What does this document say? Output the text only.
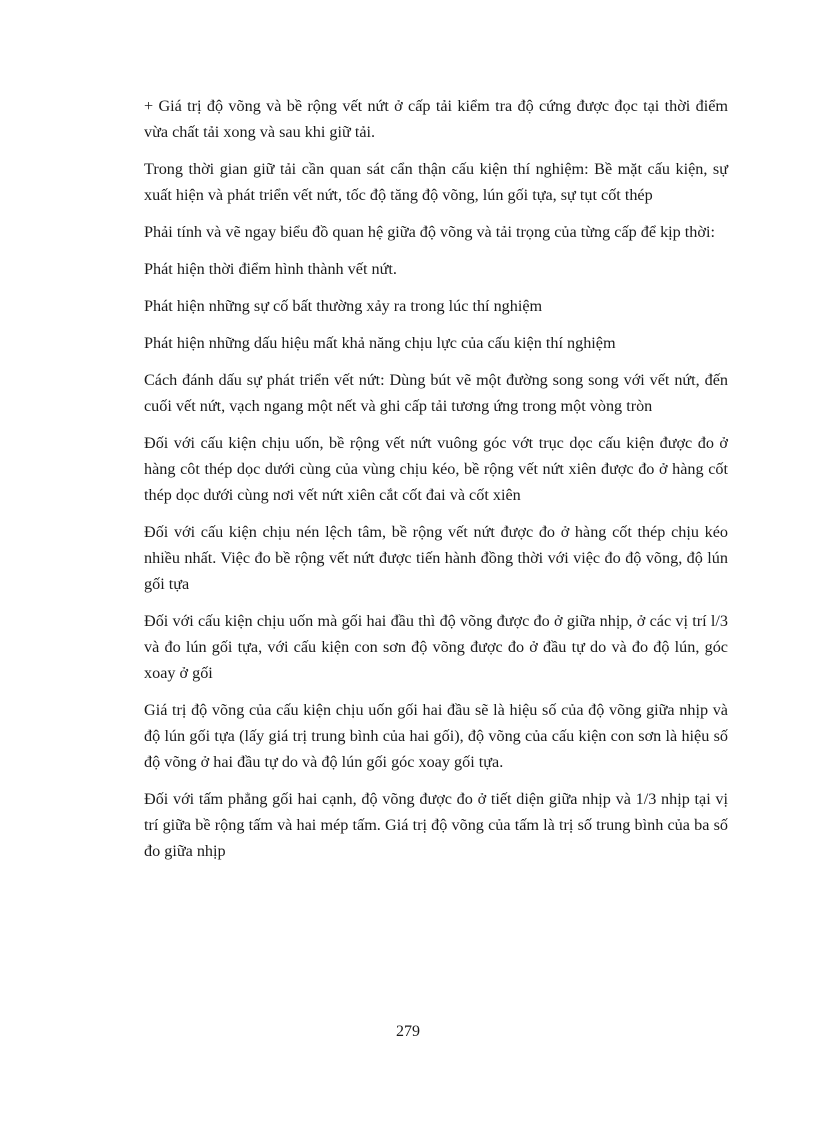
+ Giá trị độ võng và bề rộng vết nứt ở cấp tải kiểm tra độ cứng được đọc tại thời điểm vừa chất tải xong và sau khi giữ tải.

Trong thời gian giữ tải cần quan sát cẩn thận cấu kiện thí nghiệm: Bề mặt cấu kiện, sự xuất hiện và phát triển vết nứt, tốc độ tăng độ võng, lún gối tựa, sự tụt cốt thép

Phải tính và vẽ ngay biểu đồ quan hệ giữa độ võng và tải trọng của từng cấp để kịp thời:

Phát hiện thời điểm hình thành vết nứt.

Phát hiện những sự cố bất thường xảy ra trong lúc thí nghiệm

Phát hiện những dấu hiệu mất khả năng chịu lực của cấu kiện thí nghiệm

Cách đánh dấu sự phát triển vết nứt: Dùng bút vẽ một đường song song với vết nứt, đến cuối vết nứt, vạch ngang một nết và ghi cấp tải tương ứng trong một vòng tròn

Đối với cấu kiện chịu uốn, bề rộng vết nứt vuông góc vớt trục dọc cấu kiện được đo ở hàng côt thép dọc dưới cùng của vùng chịu kéo, bề rộng vết nứt xiên được đo ở hàng cốt thép dọc dưới cùng nơi vết nứt xiên cắt cốt đai và cốt xiên

Đối với cấu kiện chịu nén lệch tâm, bề rộng vết nứt được đo ở hàng cốt thép chịu kéo nhiều nhất. Việc đo bề rộng vết nứt được tiến hành đồng thời với việc đo độ võng, độ lún gối tựa

Đối với cấu kiện chịu uốn mà gối hai đầu thì độ võng được đo ở giữa nhịp, ở các vị trí l/3 và đo lún gối tựa, với cấu kiện con sơn độ võng được đo ở đầu tự do và đo độ lún, góc xoay ở gối

Giá trị độ võng của cấu kiện chịu uốn gối hai đầu sẽ là hiệu số của độ võng giữa nhịp và độ lún gối tựa (lấy giá trị trung bình của hai gối), độ võng của cấu kiện con sơn là hiệu số độ võng ở hai đầu tự do và độ lún gối góc xoay gối tựa.

Đối với tấm phẳng gối hai cạnh, độ võng được đo ở tiết diện giữa nhịp và 1/3 nhịp tại vị trí giữa bề rộng tấm và hai mép tấm. Giá trị độ võng của tấm là trị số trung bình của ba số đo giữa nhịp

279
